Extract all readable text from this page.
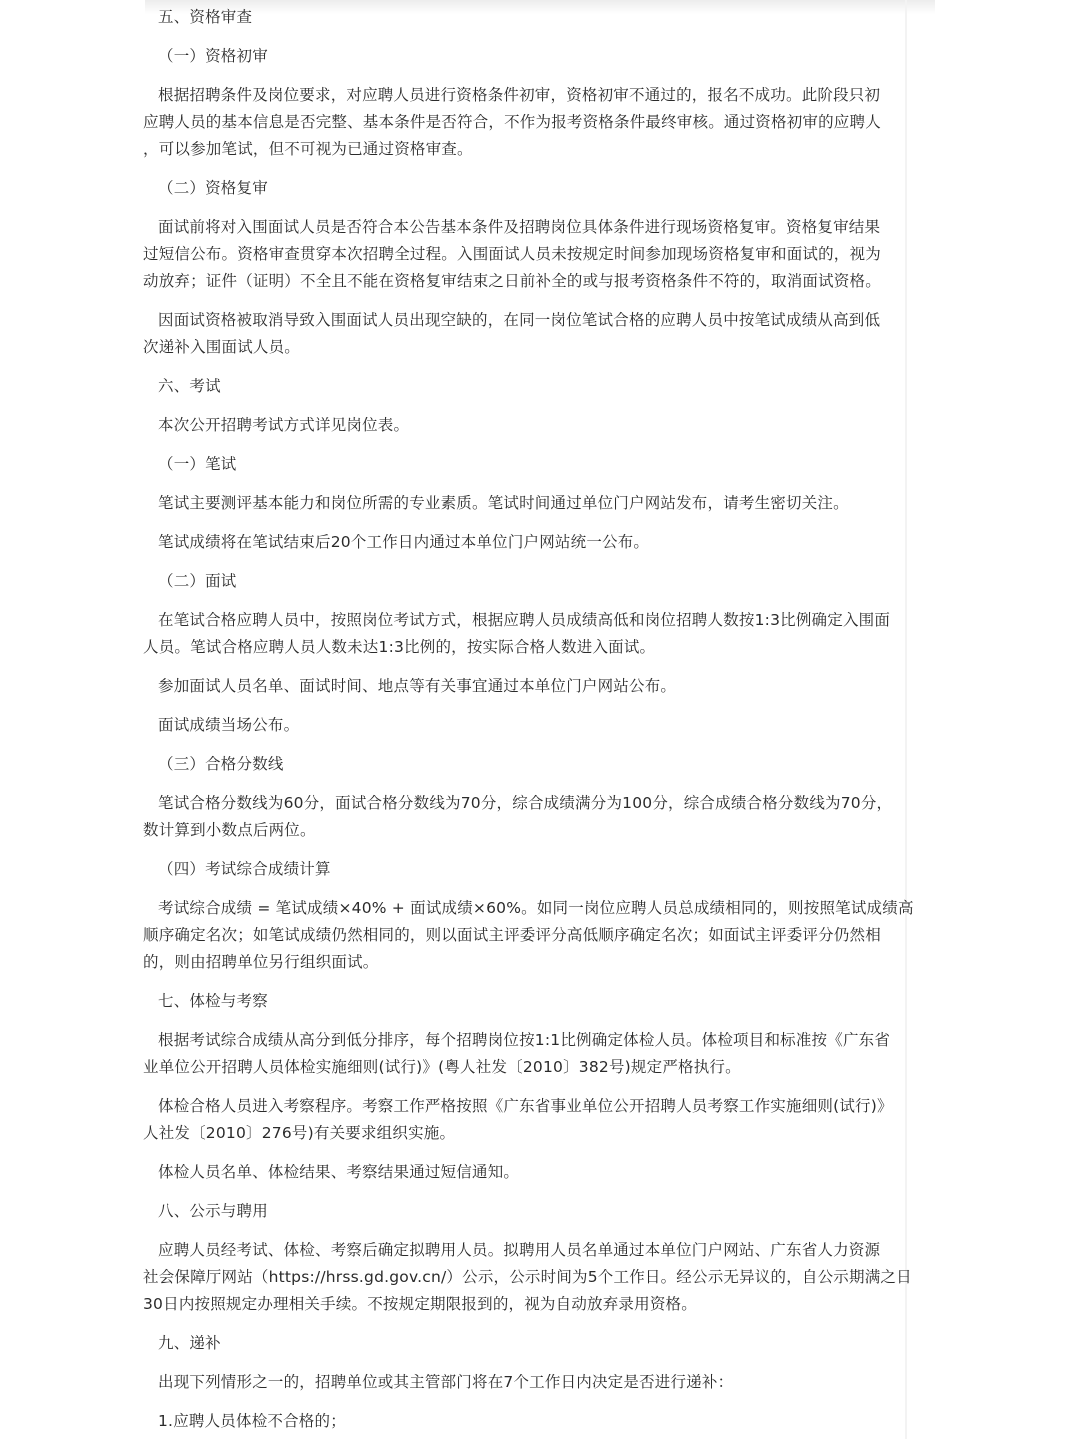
五、资格审查
（一）资格初审
根据招聘条件及岗位要求，对应聘人员进行资格条件初审，资格初审不通过的，报名不成功。此阶段只初
应聘人员的基本信息是否完整、基本条件是否符合，不作为报考资格条件最终审核。通过资格初审的应聘人
，可以参加笔试，但不可视为已通过资格审查。
（二）资格复审
面试前将对入围面试人员是否符合本公告基本条件及招聘岗位具体条件进行现场资格复审。资格复审结果
过短信公布。资格审查贯穿本次招聘全过程。入围面试人员未按规定时间参加现场资格复审和面试的，视为
动放弃；证件（证明）不全且不能在资格复审结束之日前补全的或与报考资格条件不符的，取消面试资格。
因面试资格被取消导致入围面试人员出现空缺的，在同一岗位笔试合格的应聘人员中按笔试成绩从高到低
次递补入围面试人员。
六、考试
本次公开招聘考试方式详见岗位表。
（一）笔试
笔试主要测评基本能力和岗位所需的专业素质。笔试时间通过单位门户网站发布，请考生密切关注。
笔试成绩将在笔试结束后20个工作日内通过本单位门户网站统一公布。
（二）面试
在笔试合格应聘人员中，按照岗位考试方式，根据应聘人员成绩高低和岗位招聘人数按1:3比例确定入围面
人员。笔试合格应聘人员人数未达1:3比例的，按实际合格人数进入面试。
参加面试人员名单、面试时间、地点等有关事宜通过本单位门户网站公布。
面试成绩当场公布。
（三）合格分数线
笔试合格分数线为60分，面试合格分数线为70分，综合成绩满分为100分，综合成绩合格分数线为70分，
数计算到小数点后两位。
（四）考试综合成绩计算
考试综合成绩 = 笔试成绩×40% + 面试成绩×60%。如同一岗位应聘人员总成绩相同的，则按照笔试成绩高
顺序确定名次；如笔试成绩仍然相同的，则以面试主评委评分高低顺序确定名次；如面试主评委评分仍然相
的，则由招聘单位另行组织面试。
七、体检与考察
根据考试综合成绩从高分到低分排序，每个招聘岗位按1:1比例确定体检人员。体检项目和标准按《广东省
业单位公开招聘人员体检实施细则(试行)》(粤人社发〔2010〕382号)规定严格执行。
体检合格人员进入考察程序。考察工作严格按照《广东省事业单位公开招聘人员考察工作实施细则(试行)》
人社发〔2010〕276号)有关要求组织实施。
体检人员名单、体检结果、考察结果通过短信通知。
八、公示与聘用
应聘人员经考试、体检、考察后确定拟聘用人员。拟聘用人员名单通过本单位门户网站、广东省人力资源
社会保障厅网站（https://hrss.gd.gov.cn/）公示，公示时间为5个工作日。经公示无异议的，自公示期满之日
30日内按照规定办理相关手续。不按规定期限报到的，视为自动放弃录用资格。
九、递补
出现下列情形之一的，招聘单位或其主管部门将在7个工作日内决定是否进行递补：
1.应聘人员体检不合格的；
